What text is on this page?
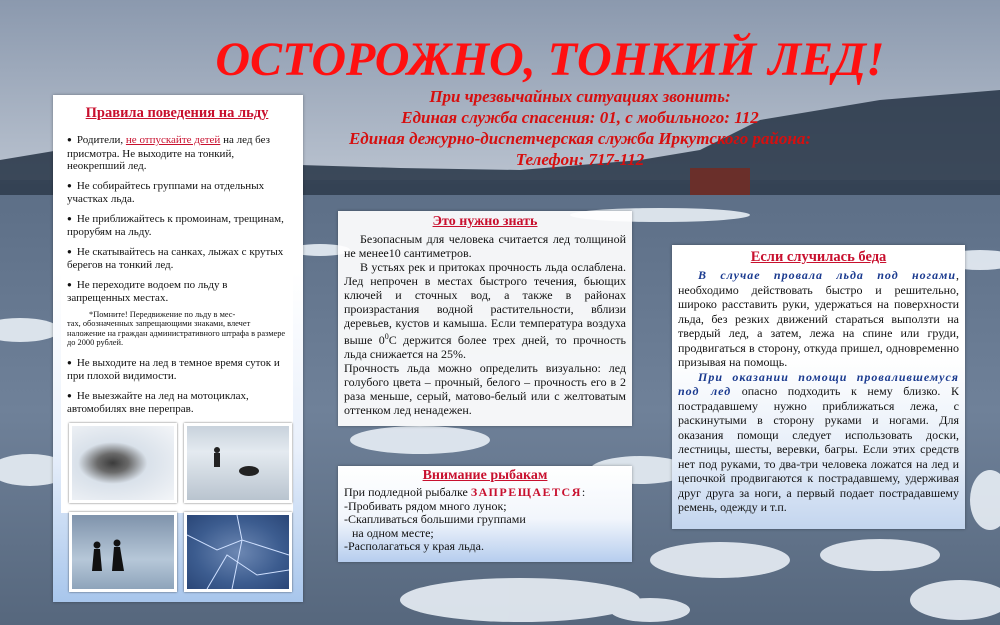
ОСТОРОЖНО, ТОНКИЙ ЛЕД!
При чрезвычайных ситуациях звонить:
Единая служба спасения: 01, с мобильного: 112
Единая дежурно-диспетчерская служба Иркутского района:
Телефон: 717-112
Правила поведения на льду
● Родители, не отпускайте детей на лед без присмотра. Не выходите на тонкий, неокрепший лед.
● Не собирайтесь группами на отдельных участках льда.
● Не приближайтесь к промоинам, трещинам, прорубям на льду.
● Не скатывайтесь на санках, лыжах с крутых берегов на тонкий лед.
● Не переходите водоем по льду в запрещенных местах.
*Помните! Передвижение по льду в мес-
тах, обозначенных запрещающими знаками, влечет наложение на граждан административного штрафа в размере до 2000 рублей.
● Не выходите на лед в темное время суток и при плохой видимости.
● Не выезжайте на лед на мотоциклах, автомобилях вне переправ.
Это нужно знать

Безопасным для человека считается лед толщиной не менее10 сантиметров.

В устьях рек и притоках прочность льда ослаблена. Лед непрочен в местах быстрого течения, бьющих ключей и сточных вод, а также в районах произрастания водной растительности, вблизи деревьев, кустов и камыша. Если температура воздуха выше $0^0С$ держится более трех дней, то прочность льда снижается на 25%.

Прочность льда можно определить визуально: лед голубого цвета – прочный, белого – прочность его в 2 раза меньше, серый, матово-белый или с желтоватым оттенком лед ненадежен.

Внимание рыбакам
При подледной рыбалке ЗАПРЕЩАЕТСЯ:
-Пробивать рядом много лунок;
-Скапливаться большими группами
на одном месте;
-Располагаться у края льда.
Если случилась беда

В случае провала льда под ногами, необходимо действовать быстро и решительно, широко расставить руки, удержаться на поверхности льда, без резких движений стараться выползти на твердый лед, а затем, лежа на спине или груди, продвигаться в сторону, откуда пришел, одновременно призывая на помощь.

При оказании помощи провалившемуся под лед опасно подходить к нему близко. К пострадавшему нужно приближаться лежа, с раскинутыми в сторону руками и ногами. Для оказания помощи следует использовать доски, лестницы, шесты, веревки, багры. Если этих средств нет под руками, то два-три человека ложатся на лед и цепочкой продвигаются к пострадавшему, удерживая друг друга за ноги, а первый подает пострадавшему ремень, одежду и т.п.
